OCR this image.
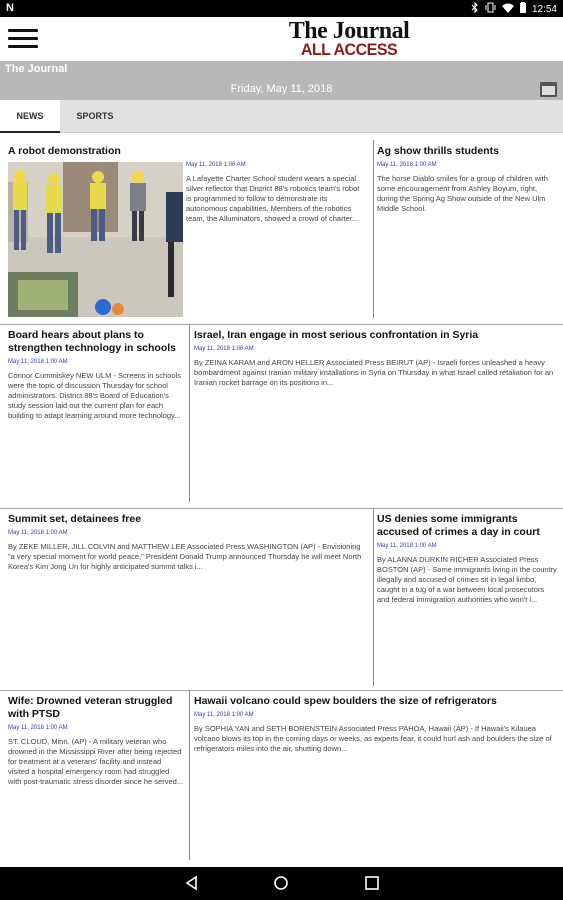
N	12:54
The Journal
ALL ACCESS
The Journal
Friday, May 11, 2018
NEWS	SPORTS
A robot demonstration
May 11, 2018 1:00 AM
A Lafayette Charter School student wears a special silver reflector that District 88's robotics team's robot is programmed to follow to demonstrate its autonomous capabilities. Members of the robotics team, the Alluminators, showed a crowd of charter...
Ag show thrills students
May 11, 2018 1:00 AM
The horse Diablo smiles for a group of children with some encouragement from Ashley Boyum, right, during the Spring Ag Show outside of the New Ulm Middle School.
Board hears about plans to strengthen technology in schools
May 11, 2018 1:00 AM
Connor Cummiskey NEW ULM - Screens in schools were the topic of discussion Thursday for school administrators. District 88's Board of Education's study session laid out the current plan for each building to adapt learning around more technology...
Israel, Iran engage in most serious confrontation in Syria
May 11, 2018 1:00 AM
By ZEINA KARAM and ARON HELLER Associated Press BEIRUT (AP) - Israeli forces unleashed a heavy bombardment against Iranian military installations in Syria on Thursday in what Israel called retaliation for an Iranian rocket barrage on its positions in...
Summit set, detainees free
May 11, 2018 1:00 AM
By ZEKE MILLER, JILL COLVIN and MATTHEW LEE Associated Press WASHINGTON (AP) - Envisioning "a very special moment for world peace," President Donald Trump announced Thursday he will meet North Korea's Kim Jong Un for highly anticipated summit talks i...
US denies some immigrants accused of crimes a day in court
May 11, 2018 1:00 AM
By ALANNA DURKIN RICHER Associated Press BOSTON (AP) - Some immigrants living in the country illegally and accused of crimes sit in legal limbo, caught in a tug of a war between local prosecutors and federal immigration authorities who won't l...
Wife: Drowned veteran struggled with PTSD
May 11, 2018 1:00 AM
ST. CLOUD, Minn. (AP) - A military veteran who drowned in the Mississippi River after being rejected for treatment at a veterans' facility and instead visited a hospital emergency room had struggled with post-traumatic stress disorder since he served...
Hawaii volcano could spew boulders the size of refrigerators
May 11, 2018 1:00 AM
By SOPHIA YAN and SETH BORENSTEIN Associated Press PAHOA, Hawaii (AP) - If Hawaii's Kilauea volcano blows its top in the coming days or weeks, as experts fear, it could hurl ash and boulders the size of refrigerators miles into the air, shutting down...
